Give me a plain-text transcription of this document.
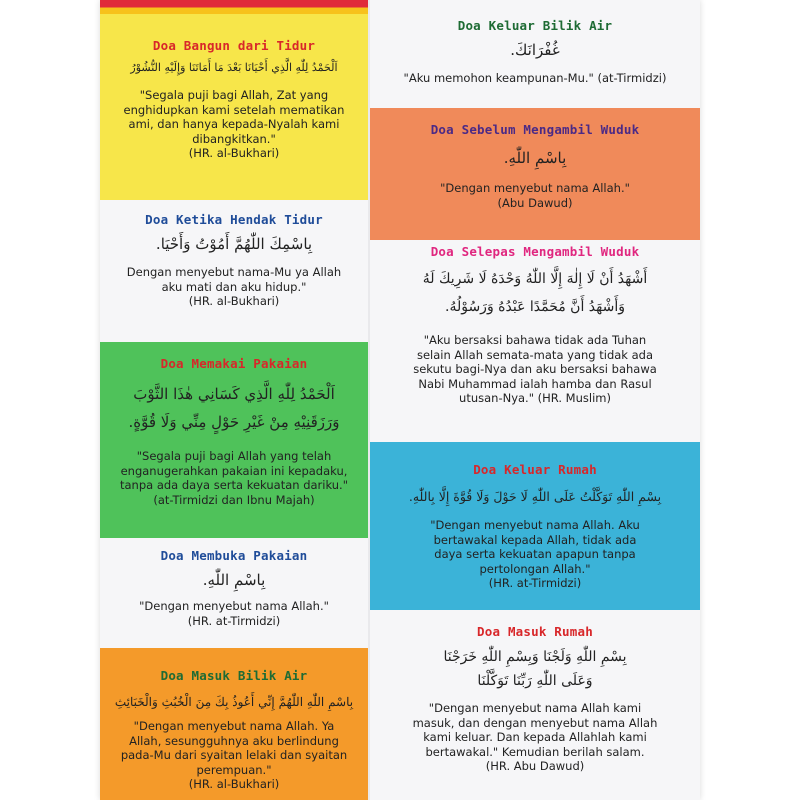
Doa Bangun dari Tidur
اَلْحَمْدُ لِلّٰهِ الَّذِي أَحْيَانَا بَعْدَ مَا أَمَاتَنَا وَإِلَيْهِ النُّشُوْرُ
"Segala puji bagi Allah, Zat yang
enghidupkan kami setelah mematikan
ami, dan hanya kepada-Nyalah kami
dibangkitkan."
(HR. al-Bukhari)
Doa Ketika Hendak Tidur
بِاسْمِكَ اللّٰهُمَّ أَمُوْتُ وَأَحْيَا.
Dengan menyebut nama-Mu ya Allah
aku mati dan aku hidup."
(HR. al-Bukhari)
Doa Memakai Pakaian
اَلْحَمْدُ لِلّٰهِ الَّذِي كَسَانِي هٰذَا الثَّوْبَ
وَرَزَقَنِيْهِ مِنْ غَيْرِ حَوْلٍ مِنِّي وَلَا قُوَّةٍ.
"Segala puji bagi Allah yang telah
enganugerahkan pakaian ini kepadaku,
tanpa ada daya serta kekuatan dariku."
(at-Tirmidzi dan Ibnu Majah)
Doa Membuka Pakaian
بِاسْمِ اللّٰهِ.
"Dengan menyebut nama Allah."
(HR. at-Tirmidzi)
Doa Masuk Bilik Air
بِاسْمِ اللّٰهِ اللّٰهُمَّ إِنِّي أَعُوذُ بِكَ مِنَ الْخُبُثِ وَالْخَبَائِثِ
"Dengan menyebut nama Allah. Ya
Allah, sesungguhnya aku berlindung
pada-Mu dari syaitan lelaki dan syaitan
perempuan."
(HR. al-Bukhari)
Doa Keluar Bilik Air
غُفْرَانَكَ.
"Aku memohon keampunan-Mu." (at-Tirmidzi)
Doa Sebelum Mengambil Wuduk
بِاسْمِ اللّٰهِ.
"Dengan menyebut nama Allah."
(Abu Dawud)
Doa Selepas Mengambil Wuduk
أَشْهَدُ أَنْ لَا إِلٰهَ إِلَّا اللّٰهُ وَحْدَهُ لَا شَرِيكَ لَهُ
وَأَشْهَدُ أَنَّ مُحَمَّدًا عَبْدُهُ وَرَسُوْلُهُ.
"Aku bersaksi bahawa tidak ada Tuhan
selain Allah semata-mata yang tidak ada
sekutu bagi-Nya dan aku bersaksi bahawa
Nabi Muhammad ialah hamba dan Rasul
utusan-Nya." (HR. Muslim)
Doa Keluar Rumah
بِسْمِ اللّٰهِ تَوَكَّلْتُ عَلَى اللّٰهِ لَا حَوْلَ وَلَا قُوَّةَ إِلَّا بِاللّٰهِ.
"Dengan menyebut nama Allah. Aku
bertawakal kepada Allah, tidak ada
daya serta kekuatan apapun tanpa
pertolongan Allah."
(HR. at-Tirmidzi)
Doa Masuk Rumah
بِسْمِ اللّٰهِ وَلَجْنَا وَبِسْمِ اللّٰهِ خَرَجْنَا
وَعَلَى اللّٰهِ رَبِّنَا تَوَكَّلْنَا
"Dengan menyebut nama Allah kami
masuk, dan dengan menyebut nama Allah
kami keluar. Dan kepada Allahlah kami
bertawakal." Kemudian berilah salam.
(HR. Abu Dawud)
